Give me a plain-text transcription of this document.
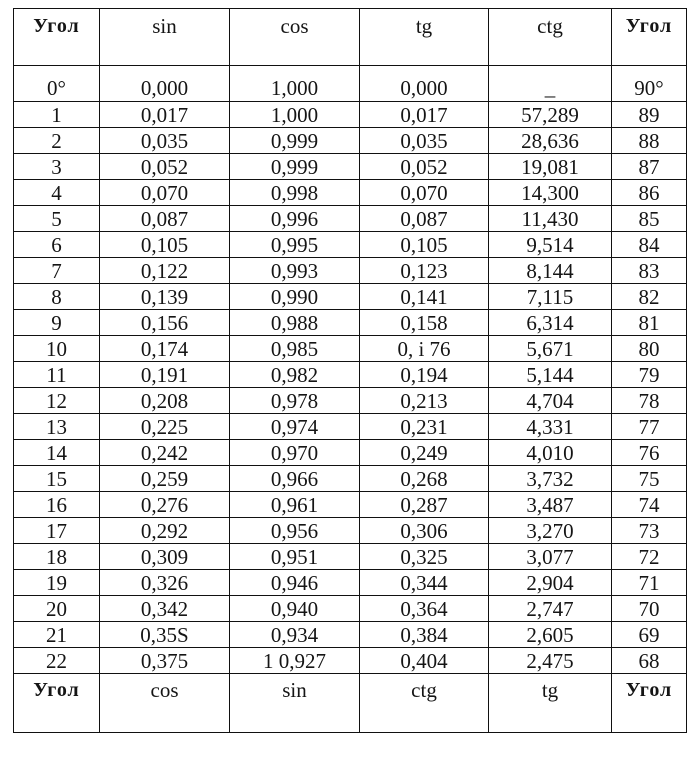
Угол	sin	cos	tg	ctg	Угол
0°	0,000	1,000	0,000	_	90°
1	0,017	1,000	0,017	57,289	89
2	0,035	0,999	0,035	28,636	88
3	0,052	0,999	0,052	19,081	87
4	0,070	0,998	0,070	14,300	86
5	0,087	0,996	0,087	11,430	85
6	0,105	0,995	0,105	9,514	84
7	0,122	0,993	0,123	8,144	83
8	0,139	0,990	0,141	7,115	82
9	0,156	0,988	0,158	6,314	81
10	0,174	0,985	0, i 76	5,671	80
11	0,191	0,982	0,194	5,144	79
12	0,208	0,978	0,213	4,704	78
13	0,225	0,974	0,231	4,331	77
14	0,242	0,970	0,249	4,010	76
15	0,259	0,966	0,268	3,732	75
16	0,276	0,961	0,287	3,487	74
17	0,292	0,956	0,306	3,270	73
18	0,309	0,951	0,325	3,077	72
19	0,326	0,946	0,344	2,904	71
20	0,342	0,940	0,364	2,747	70
21	0,35S	0,934	0,384	2,605	69
22	0,375	1 0,927	0,404	2,475	68
Угол	cos	sin	ctg	tg	Угол
